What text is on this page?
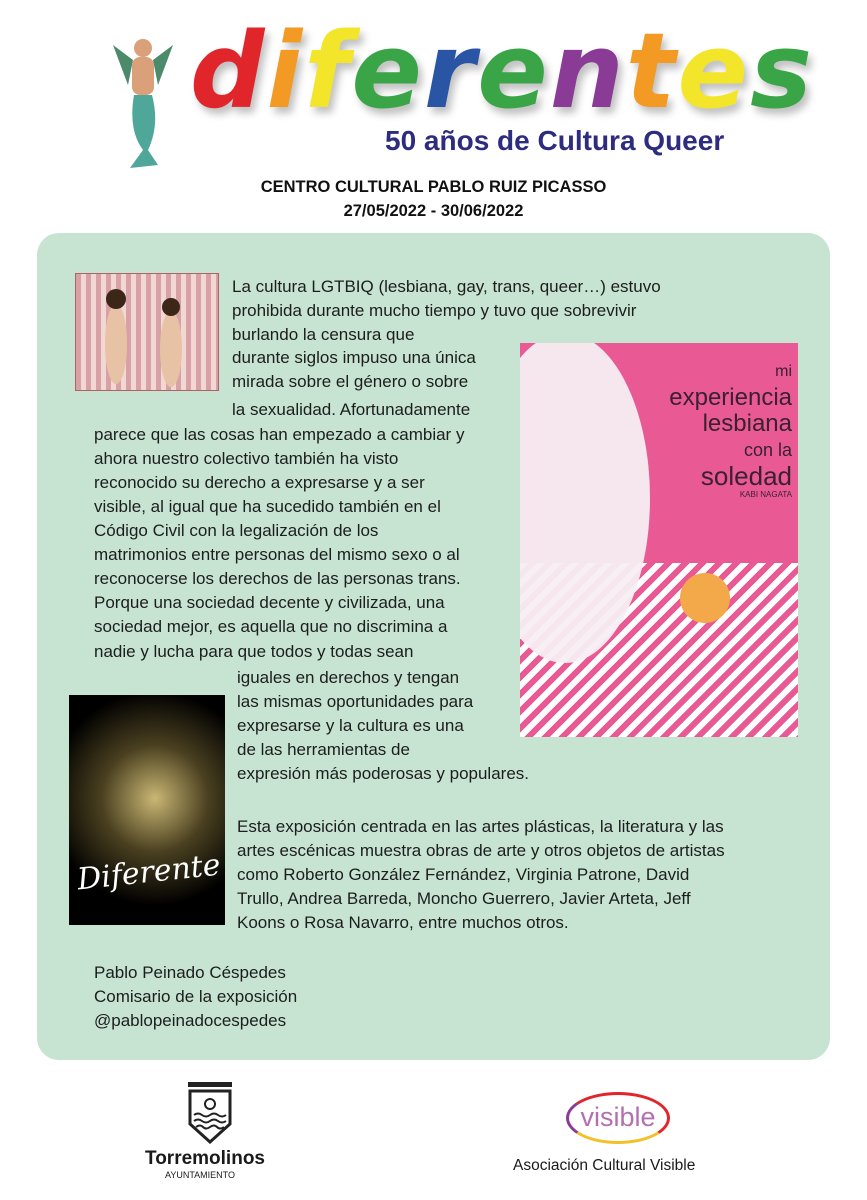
diferentes
50 años de Cultura Queer
CENTRO CULTURAL PABLO RUIZ PICASSO
27/05/2022 - 30/06/2022
mi
experiencia
lesbiana
con la
soledad
KABI NAGATA
Diferente
La cultura LGTBIQ (lesbiana, gay, trans, queer…) estuvo
prohibida durante mucho tiempo y tuvo que sobrevivir
burlando la censura que
durante siglos impuso una única
mirada sobre el género o sobre
la sexualidad. Afortunadamente
parece que las cosas han empezado a cambiar y
ahora nuestro colectivo también ha visto
reconocido su derecho a expresarse y a ser
visible, al igual que ha sucedido también en el
Código Civil con la legalización de los
matrimonios entre personas del mismo sexo o al
reconocerse los derechos de las personas trans.
Porque una sociedad decente y civilizada, una
sociedad mejor, es aquella que no discrimina a
nadie y lucha para que todos y todas sean
iguales en derechos y tengan
las mismas oportunidades para
expresarse y la cultura es una
de las herramientas de
expresión más poderosas y populares.
Esta exposición centrada en las artes plásticas, la literatura y las
artes escénicas muestra obras de arte y otros objetos de artistas
como Roberto González Fernández, Virginia Patrone, David
Trullo, Andrea Barreda, Moncho Guerrero, Javier Arteta, Jeff
Koons o Rosa Navarro, entre muchos otros.
Pablo Peinado Céspedes
Comisario de la exposición
@pablopeinadocespedes
Torremolinos
AYUNTAMIENTO
visible
Asociación Cultural Visible
